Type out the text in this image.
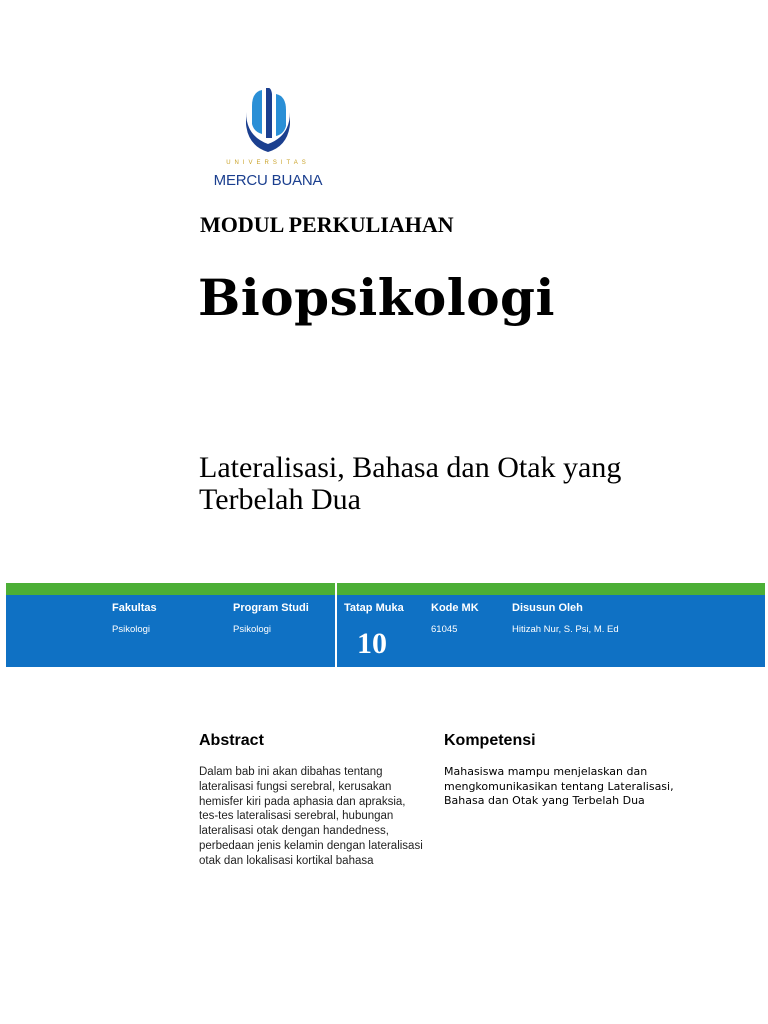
UNIVERSITAS
MERCU BUANA
MODUL PERKULIAHAN
Biopsikologi
Lateralisasi, Bahasa dan Otak yang Terbelah Dua
Fakultas
Psikologi
Program Studi
Psikologi
Tatap Muka
10
Kode MK
61045
Disusun Oleh
Hitizah Nur, S. Psi, M. Ed
Abstract
Dalam bab ini akan dibahas tentang lateralisasi fungsi serebral, kerusakan hemisfer kiri pada aphasia dan apraksia, tes-tes lateralisasi serebral, hubungan lateralisasi otak dengan handedness, perbedaan jenis kelamin dengan lateralisasi otak dan lokalisasi kortikal bahasa
Kompetensi
Mahasiswa mampu menjelaskan dan mengkomunikasikan tentang Lateralisasi, Bahasa dan Otak yang Terbelah Dua
